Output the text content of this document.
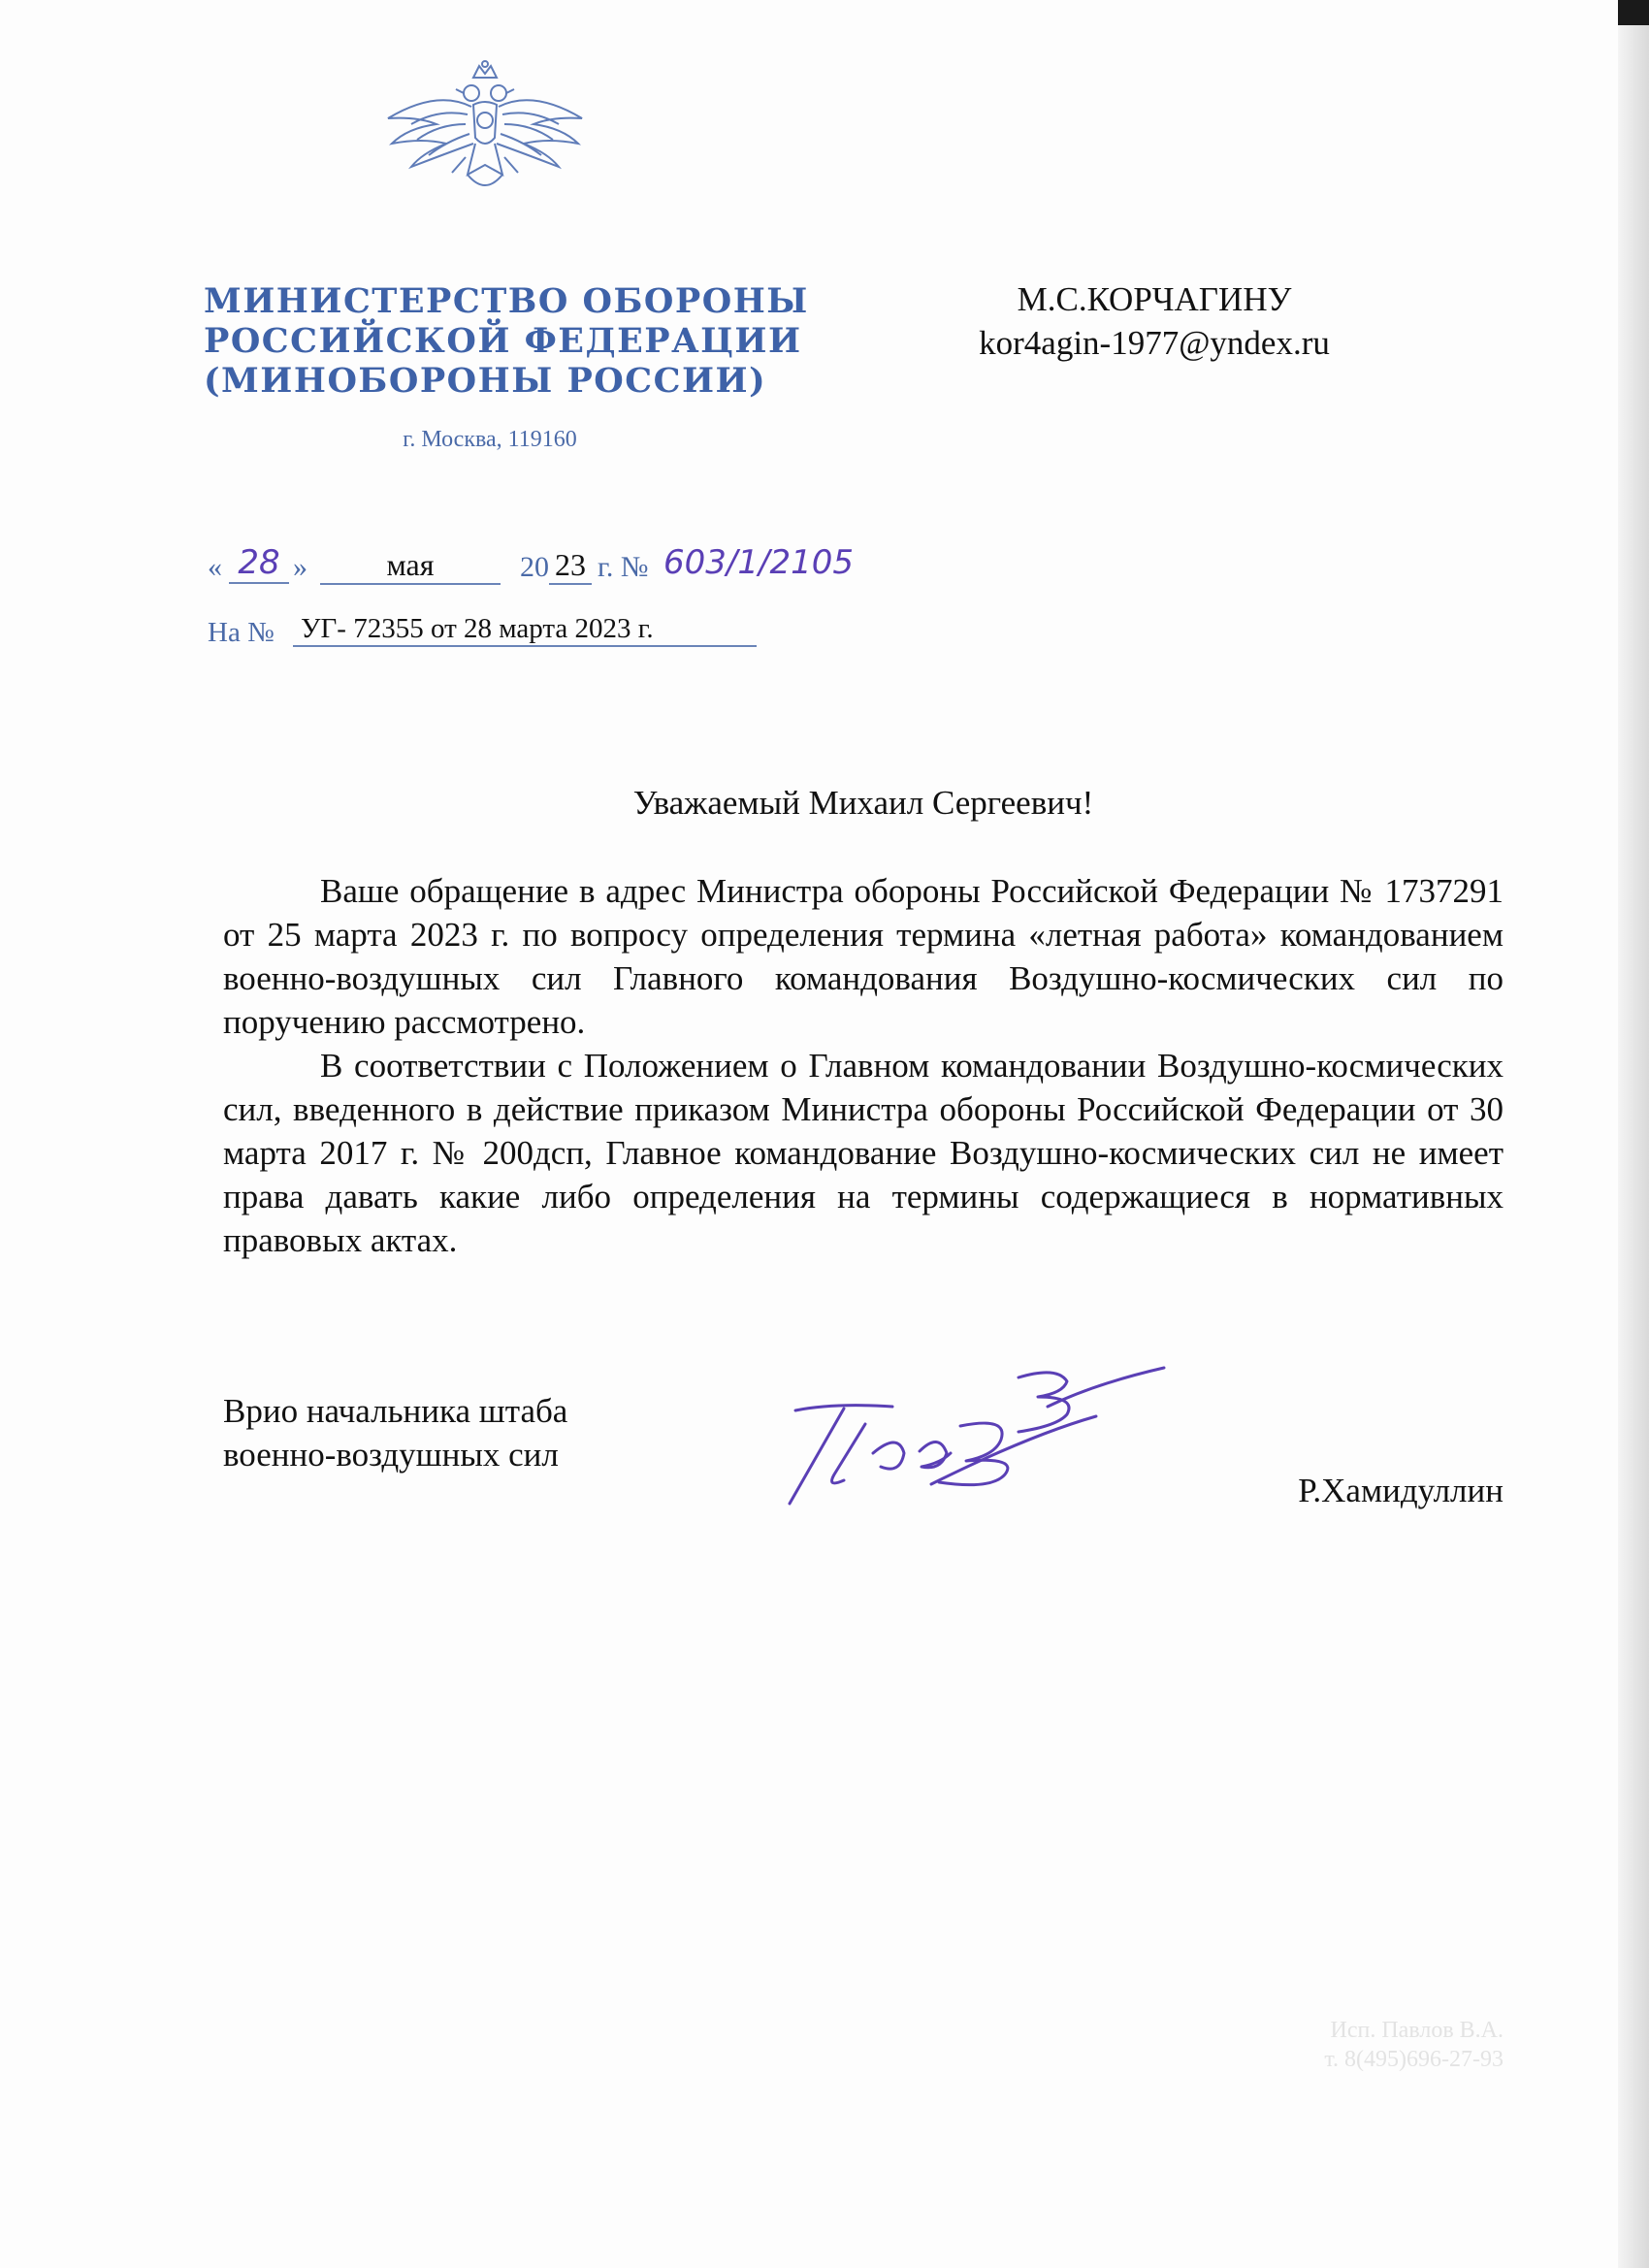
МИНИСТЕРСТВО ОБОРОНЫ
РОССИЙСКОЙ ФЕДЕРАЦИИ
(МИНОБОРОНЫ РОССИИ)
г. Москва, 119160
М.С.КОРЧАГИНУ
kor4agin-1977@yndex.ru
« 28 »	мая	20 23 г. № 603/1/2105
На № УГ- 72355 от 28 марта 2023 г.
Уважаемый Михаил Сергеевич!

Ваше обращение в адрес Министра обороны Российской Федерации № 1737291 от 25 марта 2023 г. по вопросу определения термина «летная работа» командованием военно-воздушных сил Главного командования Воздушно-космических сил по поручению рассмотрено.

В соответствии с Положением о Главном командовании Воздушно-космических сил, введенного в действие приказом Министра обороны Российской Федерации от 30 марта 2017 г. № 200дсп, Главное командование Воздушно-космических сил не имеет права давать какие либо определения на термины содержащиеся в нормативных правовых актах.

Врио начальника штаба
военно-воздушных сил
Р.Хамидуллин
Исп. Павлов В.А.
т. 8(495)696-27-93
